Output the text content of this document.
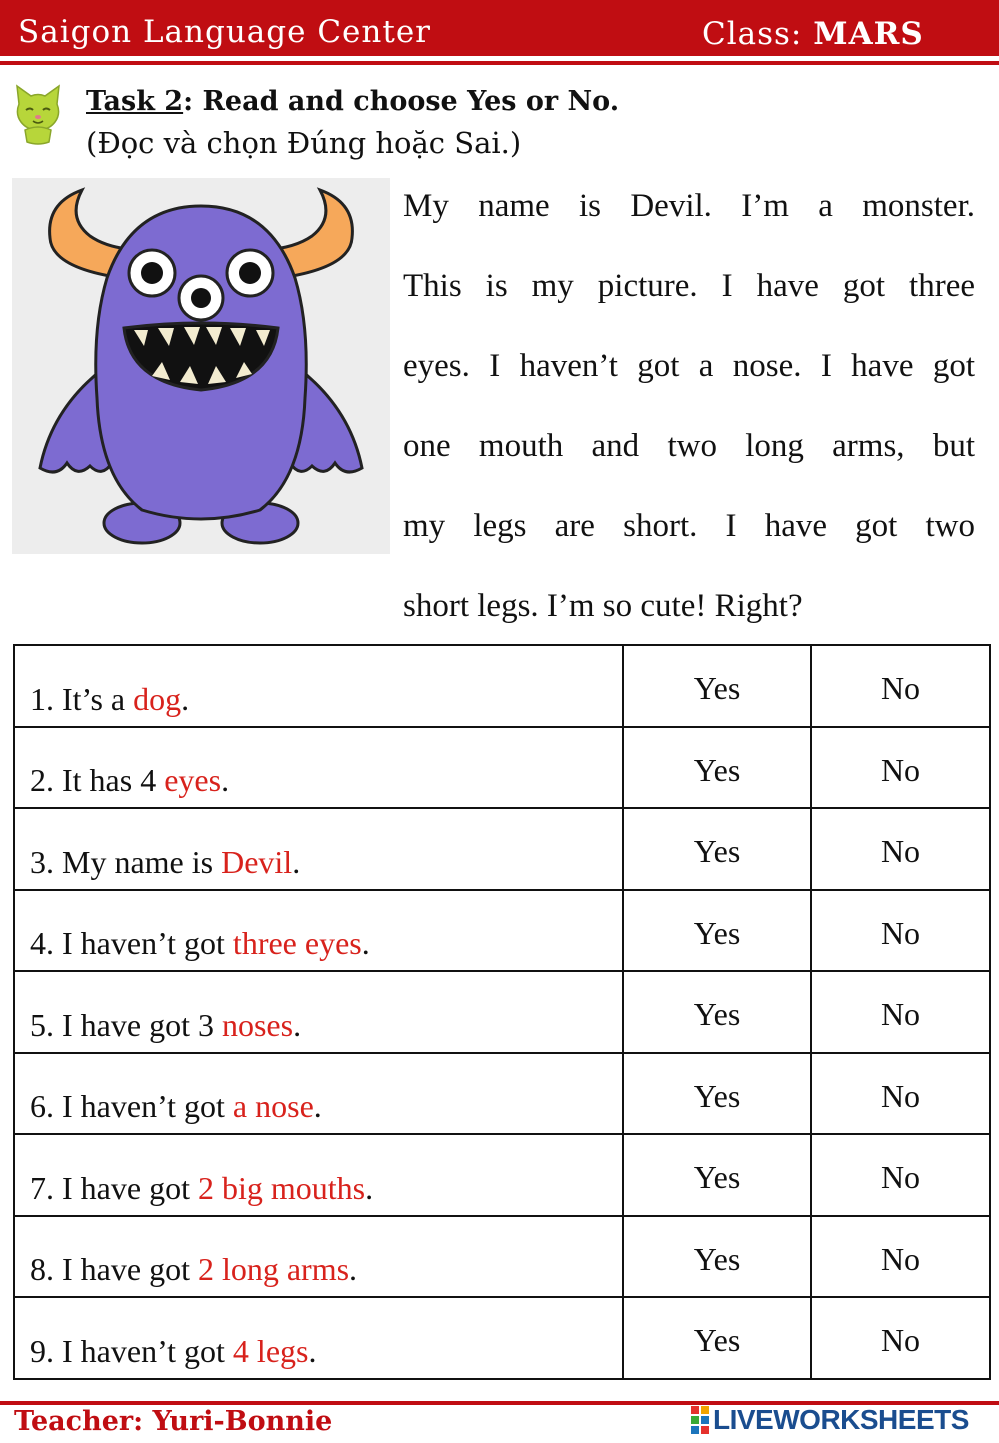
Saigon Language Center	Class: MARS
Task 2: Read and choose Yes or No.
(Đọc và chọn Đúng hoặc Sai.)
My name is Devil. I’m a monster.
This is my picture. I have got three
eyes. I haven’t got a nose. I have got
one mouth and two long arms, but
my legs are short. I have got two
short legs. I’m so cute! Right?
1. It’s a dog.	Yes	No
2. It has 4 eyes.	Yes	No
3. My name is Devil.	Yes	No
4. I haven’t got three eyes.	Yes	No
5. I have got 3 noses.	Yes	No
6. I haven’t got a nose.	Yes	No
7. I have got 2 big mouths.	Yes	No
8. I have got 2 long arms.	Yes	No
9. I haven’t got 4 legs.	Yes	No
Teacher: Yuri-Bonnie	LIVEWORKSHEETS
